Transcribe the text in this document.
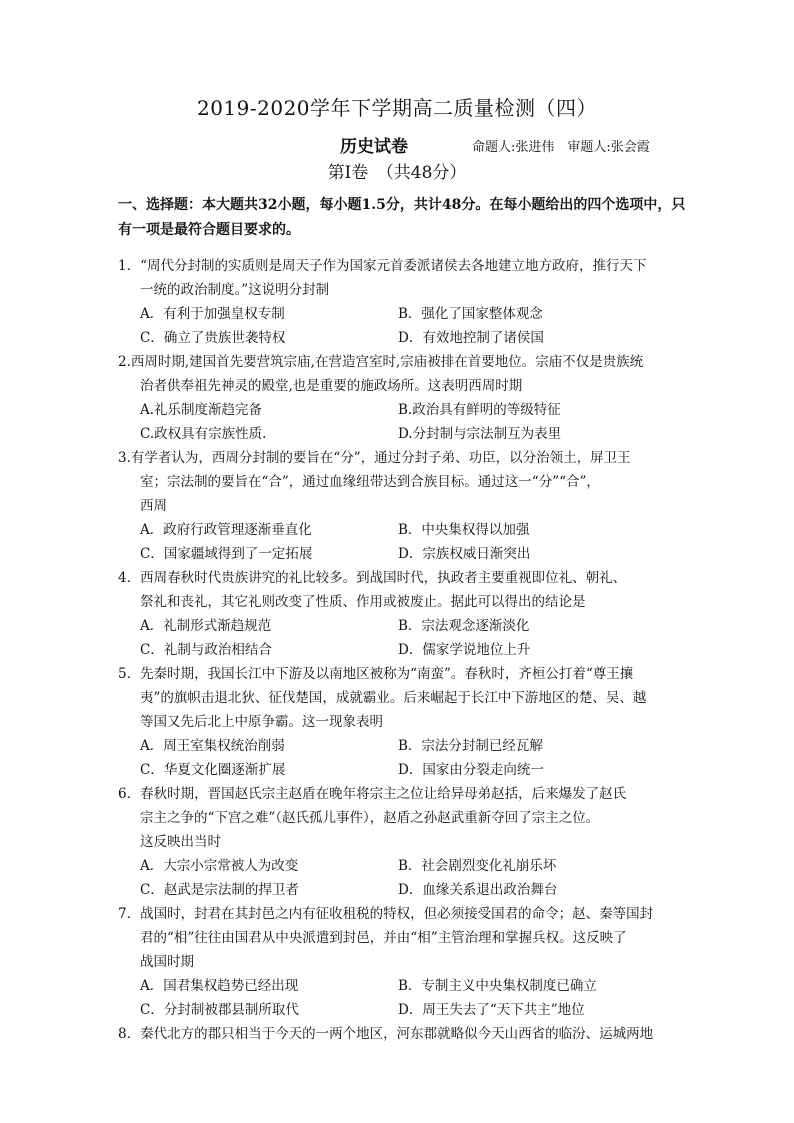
2019-2020学年下学期高二质量检测（四）
历史试卷	命题人:张进伟　审题人:张会霞
第Ⅰ卷　（共48分）
一、选择题：本大题共32小题，每小题1.5分，共计48分。在每小题给出的四个选项中，只有一项是最符合题目要求的。
1．“周代分封制的实质则是周天子作为国家元首委派诸侯去各地建立地方政府，推行天下
一统的政治制度。”这说明分封制
A．有利于加强皇权专制	B．强化了国家整体观念
C．确立了贵族世袭特权	D．有效地控制了诸侯国
2.西周时期,建国首先要营筑宗庙,在营造宫室时,宗庙被排在首要地位。宗庙不仅是贵族统
治者供奉祖先神灵的殿堂,也是重要的施政场所。这表明西周时期
A.礼乐制度渐趋完备	B.政治具有鲜明的等级特征
C.政权具有宗族性质.	D.分封制与宗法制互为表里
3.有学者认为，西周分封制的要旨在“分”，通过分封子弟、功臣，以分治领土，屏卫王
室；宗法制的要旨在“合”，通过血缘纽带达到合族目标。通过这一“分”“合”，
西周
A．政府行政管理逐渐垂直化	B．中央集权得以加强
C．国家疆域得到了一定拓展	D．宗族权威日渐突出
4．西周春秋时代贵族讲究的礼比较多。到战国时代，执政者主要重视即位礼、朝礼、
祭礼和丧礼，其它礼则改变了性质、作用或被废止。据此可以得出的结论是
A．礼制形式渐趋规范	B．宗法观念逐渐淡化
C．礼制与政治相结合	D．儒家学说地位上升
5．先秦时期，我国长江中下游及以南地区被称为“南蛮”。春秋时，齐桓公打着“尊王攘
夷”的旗帜击退北狄、征伐楚国，成就霸业。后来崛起于长江中下游地区的楚、吴、越
等国又先后北上中原争霸。这一现象表明
A．周王室集权统治削弱	B．宗法分封制已经瓦解
C．华夏文化圈逐渐扩展	D．国家由分裂走向统一
6．春秋时期，晋国赵氏宗主赵盾在晚年将宗主之位让给异母弟赵括，后来爆发了赵氏
宗主之争的“下宫之难”（赵氏孤儿事件），赵盾之孙赵武重新夺回了宗主之位。
这反映出当时
A．大宗小宗常被人为改变	B．社会剧烈变化礼崩乐坏
C．赵武是宗法制的捍卫者	D．血缘关系退出政治舞台
7．战国时，封君在其封邑之内有征收租税的特权，但必须接受国君的命令；赵、秦等国封
君的“相”往往由国君从中央派遣到封邑，并由“相”主管治理和掌握兵权。这反映了
战国时期
A．国君集权趋势已经出现	B．专制主义中央集权制度已确立
C．分封制被郡县制所取代	D．周王失去了“天下共主”地位
8．秦代北方的郡只相当于今天的一两个地区，河东郡就略似今天山西省的临汾、运城两地
